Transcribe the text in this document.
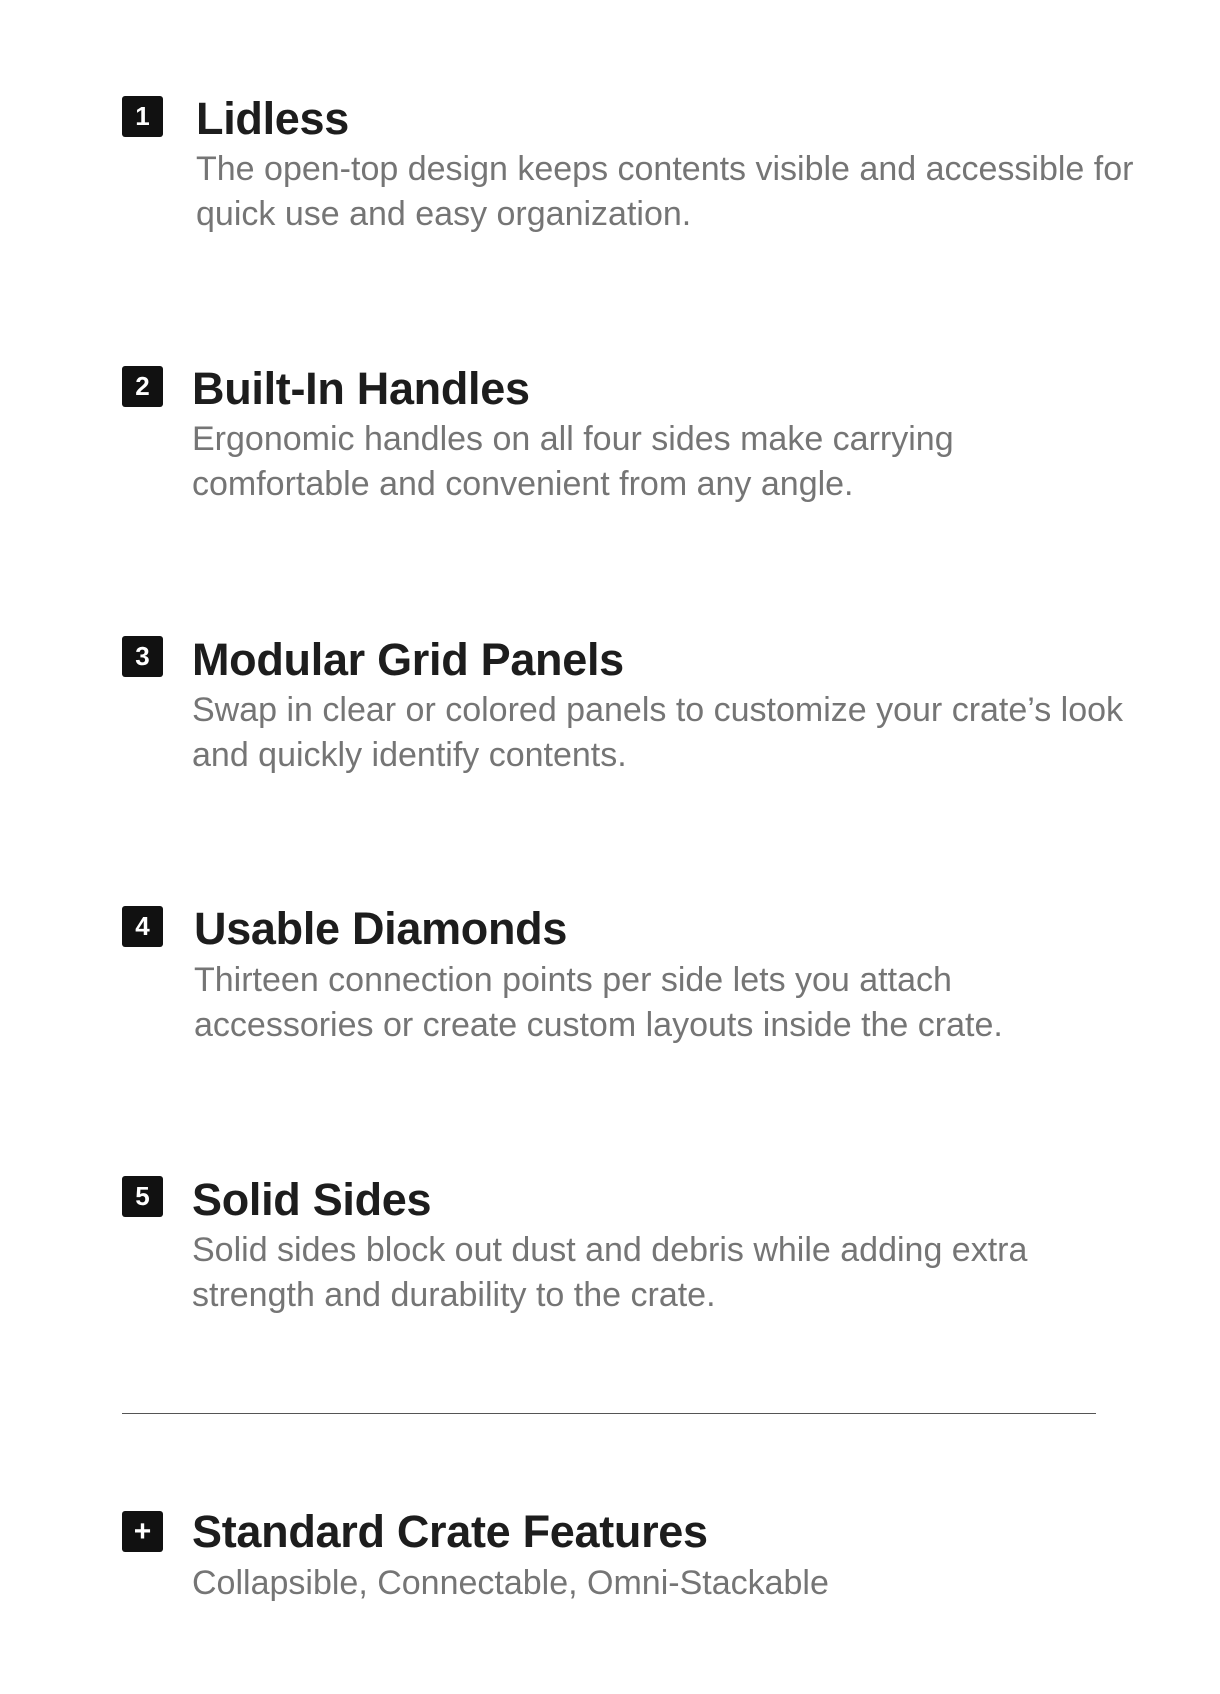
1 Lidless

The open-top design keeps contents visible and accessible for quick use and easy organization.

2 Built-In Handles

Ergonomic handles on all four sides make carrying comfortable and convenient from any angle.

3 Modular Grid Panels

Swap in clear or colored panels to customize your crate’s look and quickly identify contents.

4 Usable Diamonds

Thirteen connection points per side lets you attach accessories or create custom layouts inside the crate.

5 Solid Sides

Solid sides block out dust and debris while adding extra strength and durability to the crate.

+ Standard Crate Features

Collapsible, Connectable, Omni-Stackable
